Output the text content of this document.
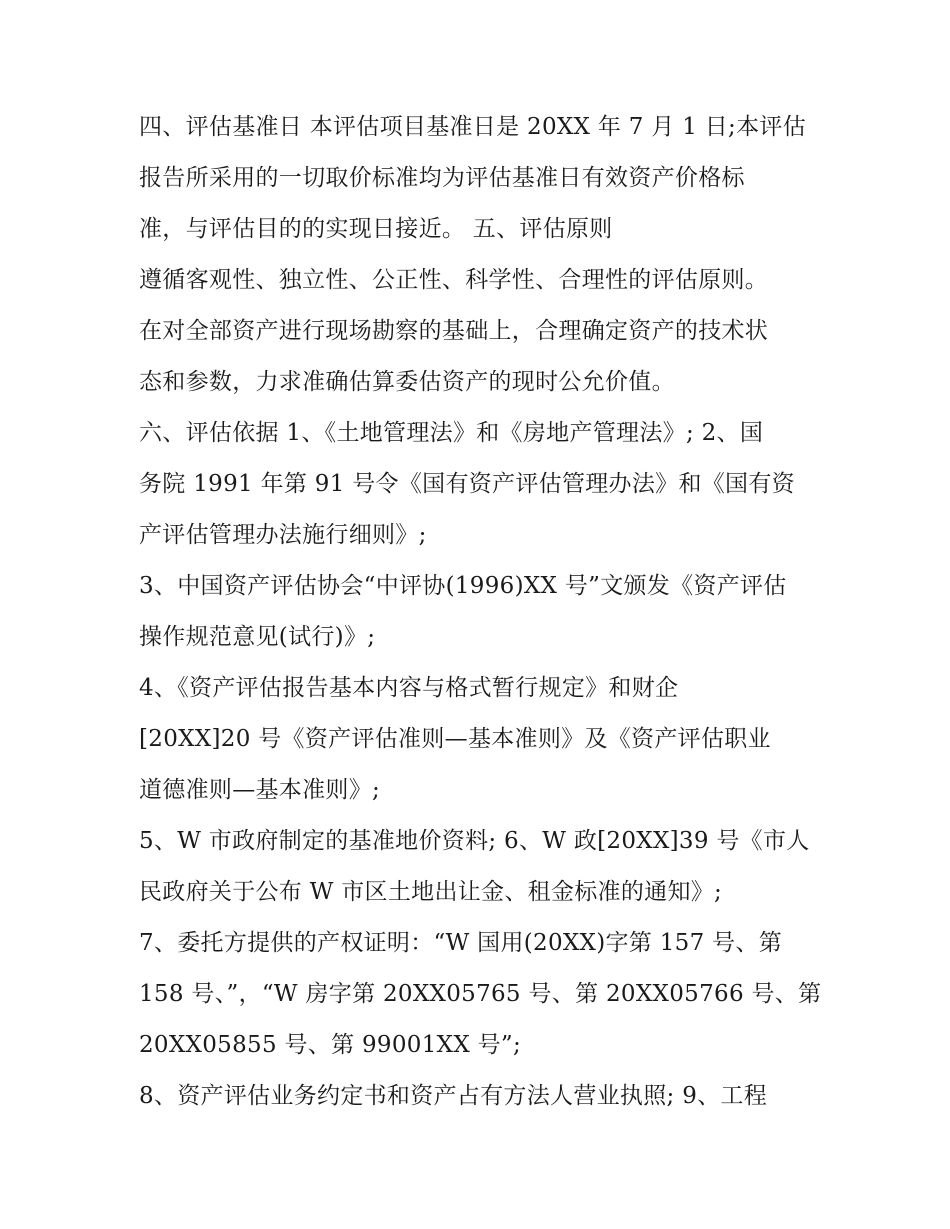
四、评估基准日 本评估项目基准日是 20XX 年 7 月 1 日;本评估
报告所采用的一切取价标准均为评估基准日有效资产价格标
准，与评估目的的实现日接近。 五、评估原则
遵循客观性、独立性、公正性、科学性、合理性的评估原则。
在对全部资产进行现场勘察的基础上，合理确定资产的技术状
态和参数，力求准确估算委估资产的现时公允价值。
六、评估依据 1、《土地管理法》和《房地产管理法》; 2、国
务院 1991 年第 91 号令《国有资产评估管理办法》和《国有资
产评估管理办法施行细则》;
3、中国资产评估协会“中评协(1996)XX 号”文颁发《资产评估
操作规范意见(试行)》;
4、《资产评估报告基本内容与格式暂行规定》和财企
[20XX]20 号《资产评估准则—基本准则》及《资产评估职业
道德准则—基本准则》;
5、W 市政府制定的基准地价资料; 6、W 政[20XX]39 号《市人
民政府关于公布 W 市区土地出让金、租金标准的通知》;
7、委托方提供的产权证明：“W 国用(20XX)字第 157 号、第
158 号、”，“W 房字第 20XX05765 号、第 20XX05766 号、第
20XX05855 号、第 99001XX 号”;
8、资产评估业务约定书和资产占有方法人营业执照; 9、工程
